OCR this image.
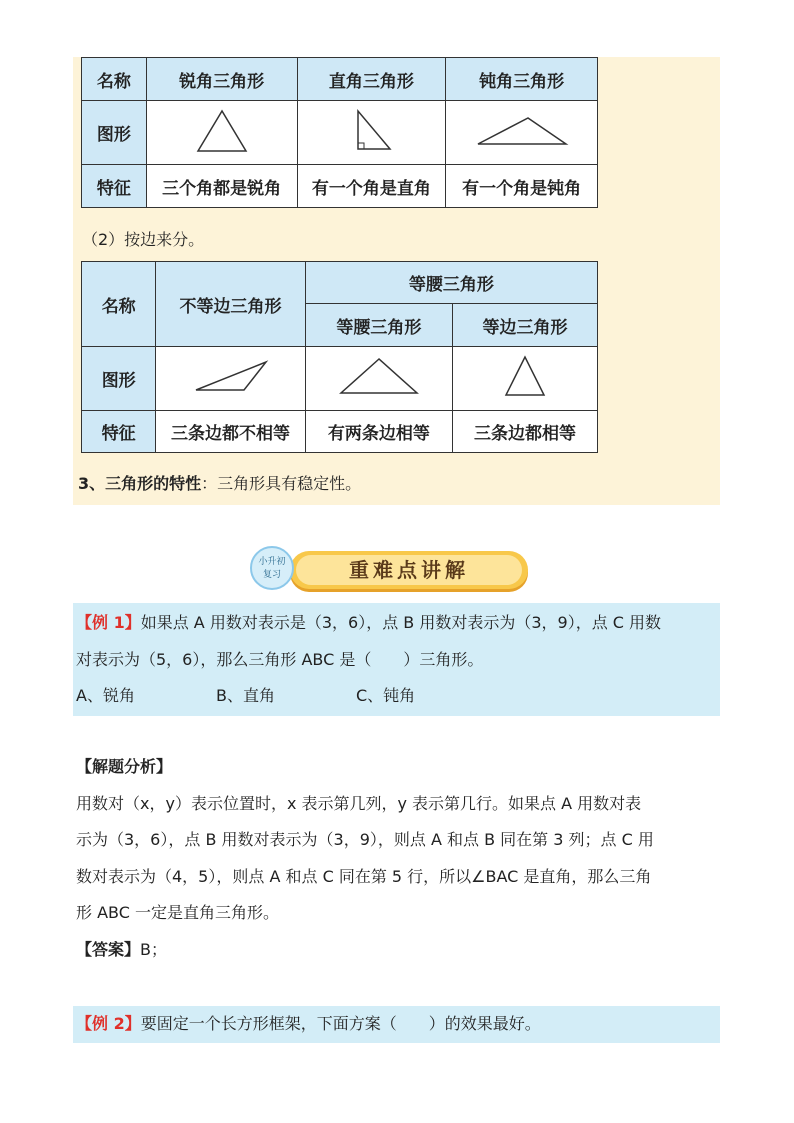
名称	锐角三角形	直角三角形	钝角三角形
图形			
特征	三个角都是锐角	有一个角是直角	有一个角是钝角
（2）按边来分。
名称	不等边三角形	等腰三角形	
		等腰三角形	等边三角形
图形			
特征	三条边都不相等	有两条边相等	三条边都相等
3、三角形的特性：三角形具有稳定性。
重难点讲解
小升初
复习
【例 1】如果点 A 用数对表示是（3，6），点 B 用数对表示为（3，9），点 C 用数
对表示为（5，6），那么三角形 ABC 是（　　）三角形。
A、锐角	B、直角	C、钝角
【解题分析】
用数对（x，y）表示位置时，x 表示第几列，y 表示第几行。如果点 A 用数对表
示为（3，6），点 B 用数对表示为（3，9），则点 A 和点 B 同在第 3 列；点 C 用
数对表示为（4，5），则点 A 和点 C 同在第 5 行，所以∠BAC 是直角，那么三角
形 ABC 一定是直角三角形。
【答案】B；
【例 2】要固定一个长方形框架，下面方案（　　）的效果最好。
